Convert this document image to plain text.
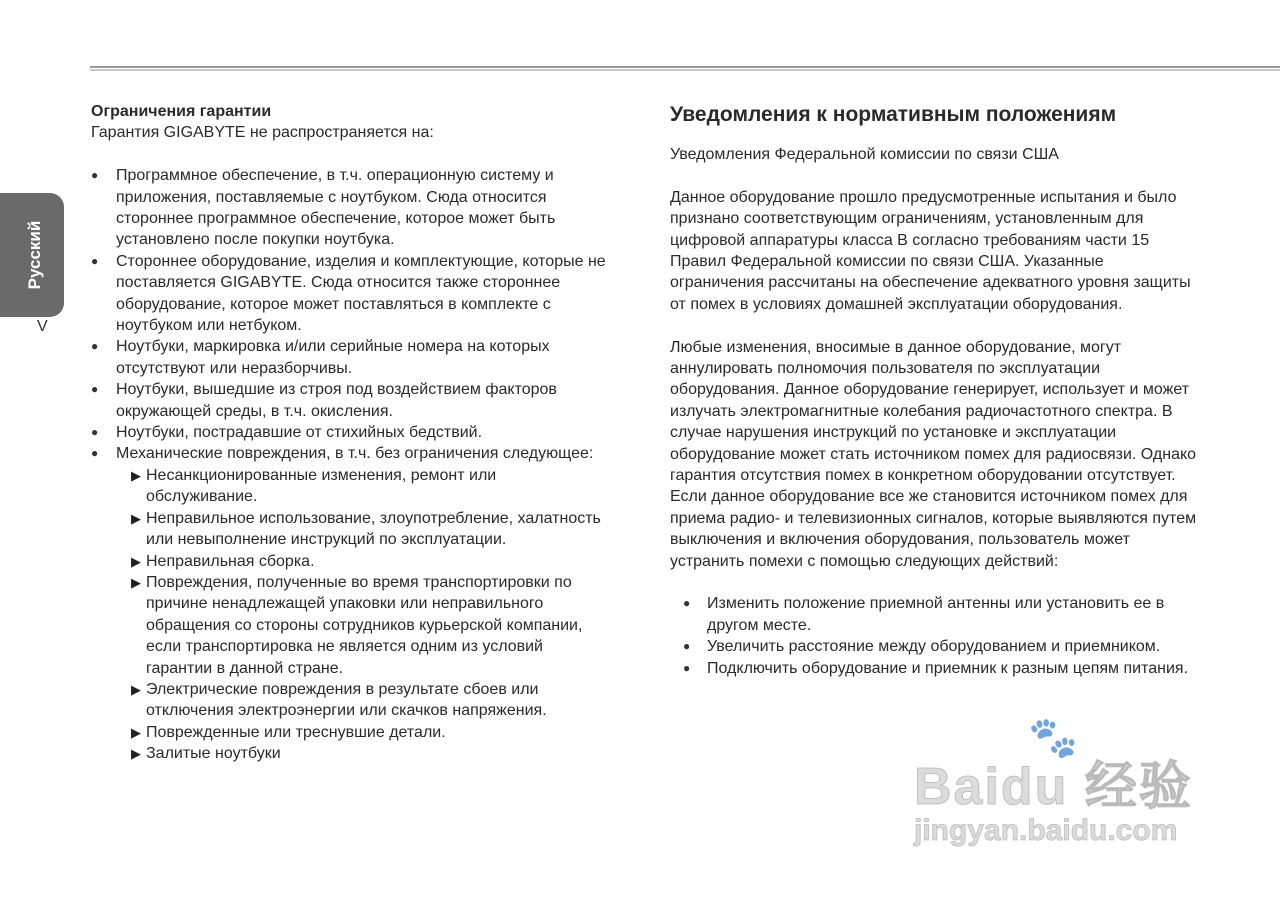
Русский
V

Ограничения гарантии

Гарантия GIGABYTE не распространяется на:

● Программное обеспечение, в т.ч. операционную систему и приложения, поставляемые с ноутбуком. Сюда относится стороннее программное обеспечение, которое может быть установлено после покупки ноутбука.
● Стороннее оборудование, изделия и комплектующие, которые не поставляется GIGABYTE. Сюда относится также стороннее оборудование, которое может поставляться в комплекте с ноутбуком или нетбуком.
● Ноутбуки, маркировка и/или серийные номера на которых отсутствуют или неразборчивы.
● Ноутбуки, вышедшие из строя под воздействием факторов окружающей среды, в т.ч. окисления.
● Ноутбуки, пострадавшие от стихийных бедствий.
● Механические повреждения, в т.ч. без ограничения следующее:
▶ Несанкционированные изменения, ремонт или обслуживание.
▶ Неправильное использование, злоупотребление, халатность или невыполнение инструкций по эксплуатации.
▶ Неправильная сборка.
▶ Повреждения, полученные во время транспортировки по причине ненадлежащей упаковки или неправильного обращения со стороны сотрудников курьерской компании, если транспортировка не является одним из условий гарантии в данной стране.
▶ Электрические повреждения в результате сбоев или отключения электроэнергии или скачков напряжения.
▶ Поврежденные или треснувшие детали.
▶ Залитые ноутбуки
Уведомления к нормативным положениям

Уведомления Федеральной комиссии по связи США

Данное оборудование прошло предусмотренные испытания и было признано соответствующим ограничениям, установленным для цифровой аппаратуры класса B согласно требованиям части 15 Правил Федеральной комиссии по связи США. Указанные ограничения рассчитаны на обеспечение адекватного уровня защиты от помех в условиях домашней эксплуатации оборудования.

Любые изменения, вносимые в данное оборудование, могут аннулировать полномочия пользователя по эксплуатации оборудования. Данное оборудование генерирует, использует и может излучать электромагнитные колебания радиочастотного спектра. В случае нарушения инструкций по установке и эксплуатации оборудование может стать источником помех для радиосвязи. Однако гарантия отсутствия помех в конкретном оборудовании отсутствует. Если данное оборудование все же становится источником помех для приема радио- и телевизионных сигналов, которые выявляются путем выключения и включения оборудования, пользователь может устранить помехи с помощью следующих действий:

● Изменить положение приемной антенны или установить ее в другом месте.
● Увеличить расстояние между оборудованием и приемником.
● Подключить оборудование и приемник к разным цепям питания.
🐾
Baidu 经验
jingyan.baidu.com
